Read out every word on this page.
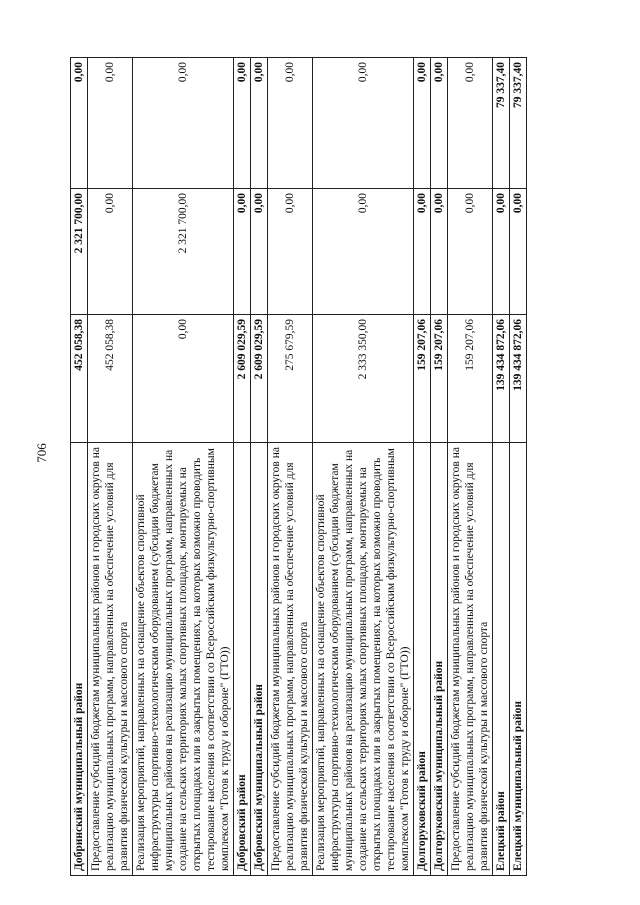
706
Добринский муниципальный район	452 058,38	2 321 700,00	0,00
Предоставление субсидий бюджетам муниципальных районов и городских округов на реализацию муниципальных программ, направленных на обеспечение условий для развития физической культуры и массового спорта	452 058,38	0,00	0,00
Реализация мероприятий, направленных на оснащение объектов спортивной инфраструктуры спортивно-технологическим оборудованием (субсидии бюджетам муниципальных районов на реализацию муниципальных программ, направленных на создание на сельских территориях малых спортивных площадок, монтируемых на открытых площадках или в закрытых помещениях, на которых возможно проводить тестирование населения в соответствии со Всероссийским физкультурно-спортивным комплексом "Готов к труду и обороне" (ГТО))	0,00	2 321 700,00	0,00
Добровский район	2 609 029,59	0,00	0,00
Добровский муниципальный район	2 609 029,59	0,00	0,00
Предоставление субсидий бюджетам муниципальных районов и городских округов на реализацию муниципальных программ, направленных на обеспечение условий для развития физической культуры и массового спорта	275 679,59	0,00	0,00
Реализация мероприятий, направленных на оснащение объектов спортивной инфраструктуры спортивно-технологическим оборудованием (субсидии бюджетам муниципальных районов на реализацию муниципальных программ, направленных на создание на сельских территориях малых спортивных площадок, монтируемых на открытых площадках или в закрытых помещениях, на которых возможно проводить тестирование населения в соответствии со Всероссийским физкультурно-спортивным комплексом "Готов к труду и обороне" (ГТО))	2 333 350,00	0,00	0,00
Долгоруковский район	159 207,06	0,00	0,00
Долгоруковский муниципальный район	159 207,06	0,00	0,00
Предоставление субсидий бюджетам муниципальных районов и городских округов на реализацию муниципальных программ, направленных на обеспечение условий для развития физической культуры и массового спорта	159 207,06	0,00	0,00
Елецкий район	139 434 872,06	0,00	79 337,40
Елецкий муниципальный район	139 434 872,06	0,00	79 337,40
